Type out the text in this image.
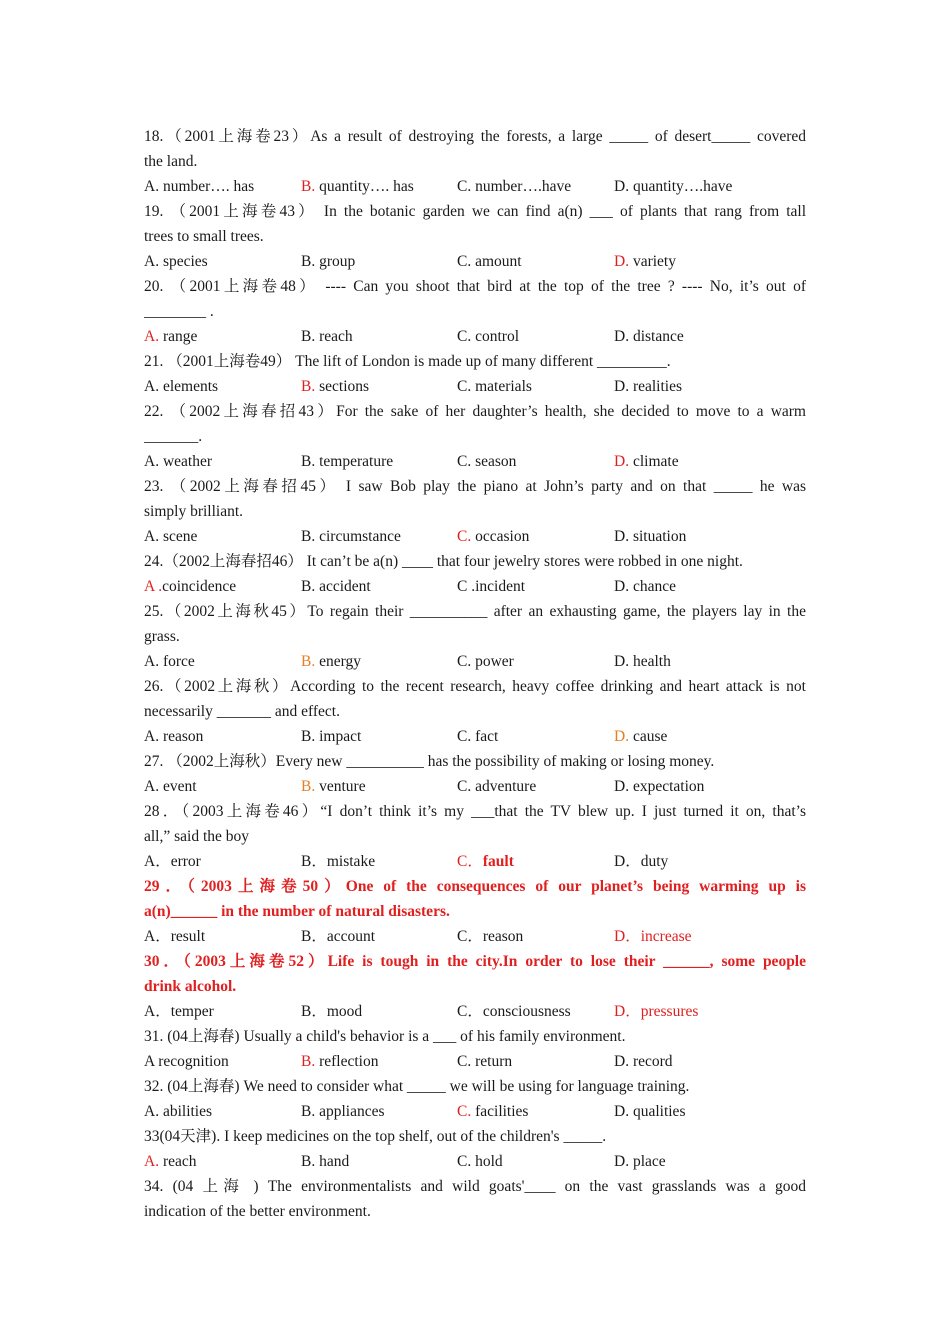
18.（2001上海卷23）As a result of destroying the forests, a large _____ of desert_____ covered
the land.
A. number…. has	B. quantity…. has	C. number….have	D. quantity….have
19. （2001上海卷43） In the botanic garden we can find a(n) ___ of plants that rang from tall
trees to small trees.
A. species	B. group	C. amount	D. variety
20. （2001上海卷48） ---- Can you shoot that bird at the top of the tree ? ---- No, it’s out of
________ .
A. range	B. reach	C. control	D. distance
21. （2001上海卷49） The lift of London is made up of many different _________.
A. elements	B. sections	C. materials	D. realities
22. （2002上海春招43）For the sake of her daughter’s health, she decided to move to a warm
_______.
A. weather	B. temperature	C. season	D. climate
23. （2002上海春招45） I saw Bob play the piano at John’s party and on that _____ he was
simply brilliant.
A. scene	B. circumstance	C. occasion	D. situation
24.（2002上海春招46） It can’t be a(n) ____ that four jewelry stores were robbed in one night.
A .coincidence	B. accident	C .incident	D. chance
25.（2002上海秋45）To regain their __________ after an exhausting game, the players lay in the
grass.
A. force	B. energy	C. power	D. health
26.（2002上海秋）According to the recent research, heavy coffee drinking and heart attack is not
necessarily _______ and effect.
A. reason	B. impact	C. fact	D. cause
27. （2002上海秋）Every new __________ has the possibility of making or losing money.
A. event	B. venture	C. adventure	D. expectation
28．（2003上海卷46）“I don’t think it’s my ___that the TV blew up. I just turned it on, that’s
all,” said the boy
A．error	B．mistake	C．fault	D．duty
29．（2003上海卷50）One of the consequences of our planet’s being warming up is
a(n)______ in the number of natural disasters.
A．result	B．account	C．reason	D．increase
30．（2003上海卷52）Life is tough in the city.In order to lose their ______, some people
drink alcohol.
A．temper	B．mood	C．consciousness	D．pressures
31. (04上海春) Usually a child's behavior is a ___ of his family environment.
A recognition	B. reflection	C. return	D. record
32. (04上海春) We need to consider what _____ we will be using for language training.
A. abilities	B. appliances	C. facilities	D. qualities
33(04天津). I keep medicines on the top shelf, out of the children's _____.
A. reach	B. hand	C. hold	D. place
34. (04 上海 ) The environmentalists and wild goats'____ on the vast grasslands was a good
indication of the better environment.
